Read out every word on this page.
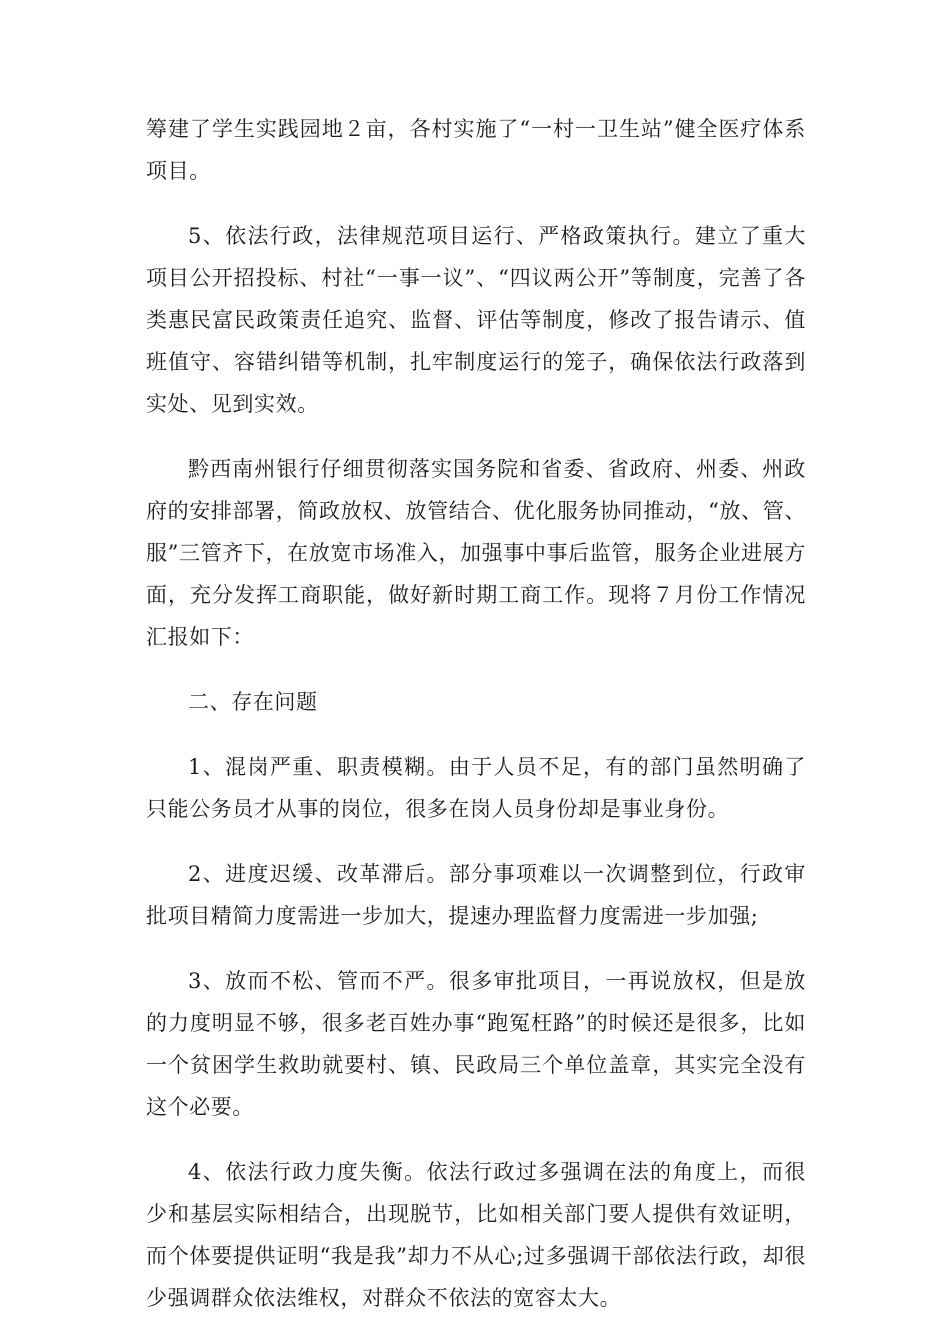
筹建了学生实践园地２亩，各村实施了“一村一卫生站”健全医疗体系项目。

5、依法行政，法律规范项目运行、严格政策执行。建立了重大项目公开招投标、村社“一事一议”、“四议两公开”等制度，完善了各类惠民富民政策责任追究、监督、评估等制度，修改了报告请示、值班值守、容错纠错等机制，扎牢制度运行的笼子，确保依法行政落到实处、见到实效。

黔西南州银行仔细贯彻落实国务院和省委、省政府、州委、州政府的安排部署，简政放权、放管结合、优化服务协同推动，“放、管、服”三管齐下，在放宽市场准入，加强事中事后监管，服务企业进展方面，充分发挥工商职能，做好新时期工商工作。现将７月份工作情况汇报如下：

二、存在问题

1、混岗严重、职责模糊。由于人员不足，有的部门虽然明确了只能公务员才从事的岗位，很多在岗人员身份却是事业身份。

2、进度迟缓、改革滞后。部分事项难以一次调整到位，行政审批项目精简力度需进一步加大，提速办理监督力度需进一步加强;

3、放而不松、管而不严。很多审批项目，一再说放权，但是放的力度明显不够，很多老百姓办事“跑冤枉路”的时候还是很多，比如一个贫困学生救助就要村、镇、民政局三个单位盖章，其实完全没有这个必要。

4、依法行政力度失衡。依法行政过多强调在法的角度上，而很少和基层实际相结合，出现脱节，比如相关部门要人提供有效证明，而个体要提供证明“我是我”却力不从心;过多强调干部依法行政，却很少强调群众依法维权，对群众不依法的宽容太大。
